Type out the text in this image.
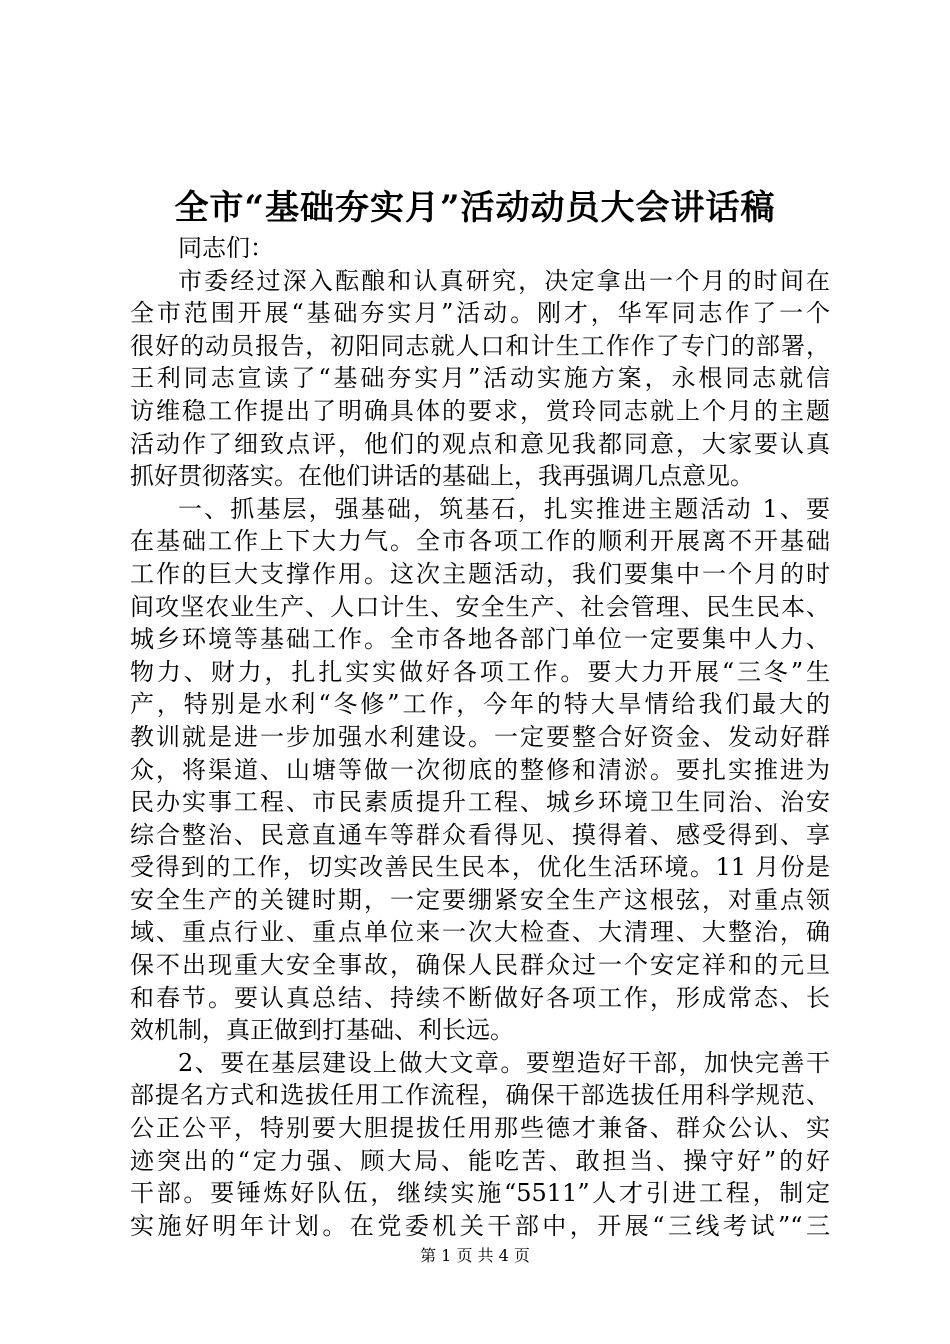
全市“基础夯实月”活动动员大会讲话稿
同志们：
市委经过深入酝酿和认真研究，决定拿出一个月的时间在
全市范围开展“基础夯实月”活动。刚才，华军同志作了一个
很好的动员报告，初阳同志就人口和计生工作作了专门的部署，
王利同志宣读了“基础夯实月”活动实施方案，永根同志就信
访维稳工作提出了明确具体的要求，赏玲同志就上个月的主题
活动作了细致点评，他们的观点和意见我都同意，大家要认真
抓好贯彻落实。在他们讲话的基础上，我再强调几点意见。
一、抓基层，强基础，筑基石，扎实推进主题活动 1、要
在基础工作上下大力气。全市各项工作的顺利开展离不开基础
工作的巨大支撑作用。这次主题活动，我们要集中一个月的时
间攻坚农业生产、人口计生、安全生产、社会管理、民生民本、
城乡环境等基础工作。全市各地各部门单位一定要集中人力、
物力、财力，扎扎实实做好各项工作。要大力开展“三冬”生
产，特别是水利“冬修”工作，今年的特大旱情给我们最大的
教训就是进一步加强水利建设。一定要整合好资金、发动好群
众，将渠道、山塘等做一次彻底的整修和清淤。要扎实推进为
民办实事工程、市民素质提升工程、城乡环境卫生同治、治安
综合整治、民意直通车等群众看得见、摸得着、感受得到、享
受得到的工作，切实改善民生民本，优化生活环境。11 月份是
安全生产的关键时期，一定要绷紧安全生产这根弦，对重点领
域、重点行业、重点单位来一次大检查、大清理、大整治，确
保不出现重大安全事故，确保人民群众过一个安定祥和的元旦
和春节。要认真总结、持续不断做好各项工作，形成常态、长
效机制，真正做到打基础、利长远。
2、要在基层建设上做大文章。要塑造好干部，加快完善干
部提名方式和选拔任用工作流程，确保干部选拔任用科学规范、
公正公平，特别要大胆提拔任用那些德才兼备、群众公认、实
迹突出的“定力强、顾大局、能吃苦、敢担当、操守好”的好
干部。要锤炼好队伍，继续实施“5511”人才引进工程，制定
实施好明年计划。在党委机关干部中，开展“三线考试”“三
第 1 页 共 4 页
